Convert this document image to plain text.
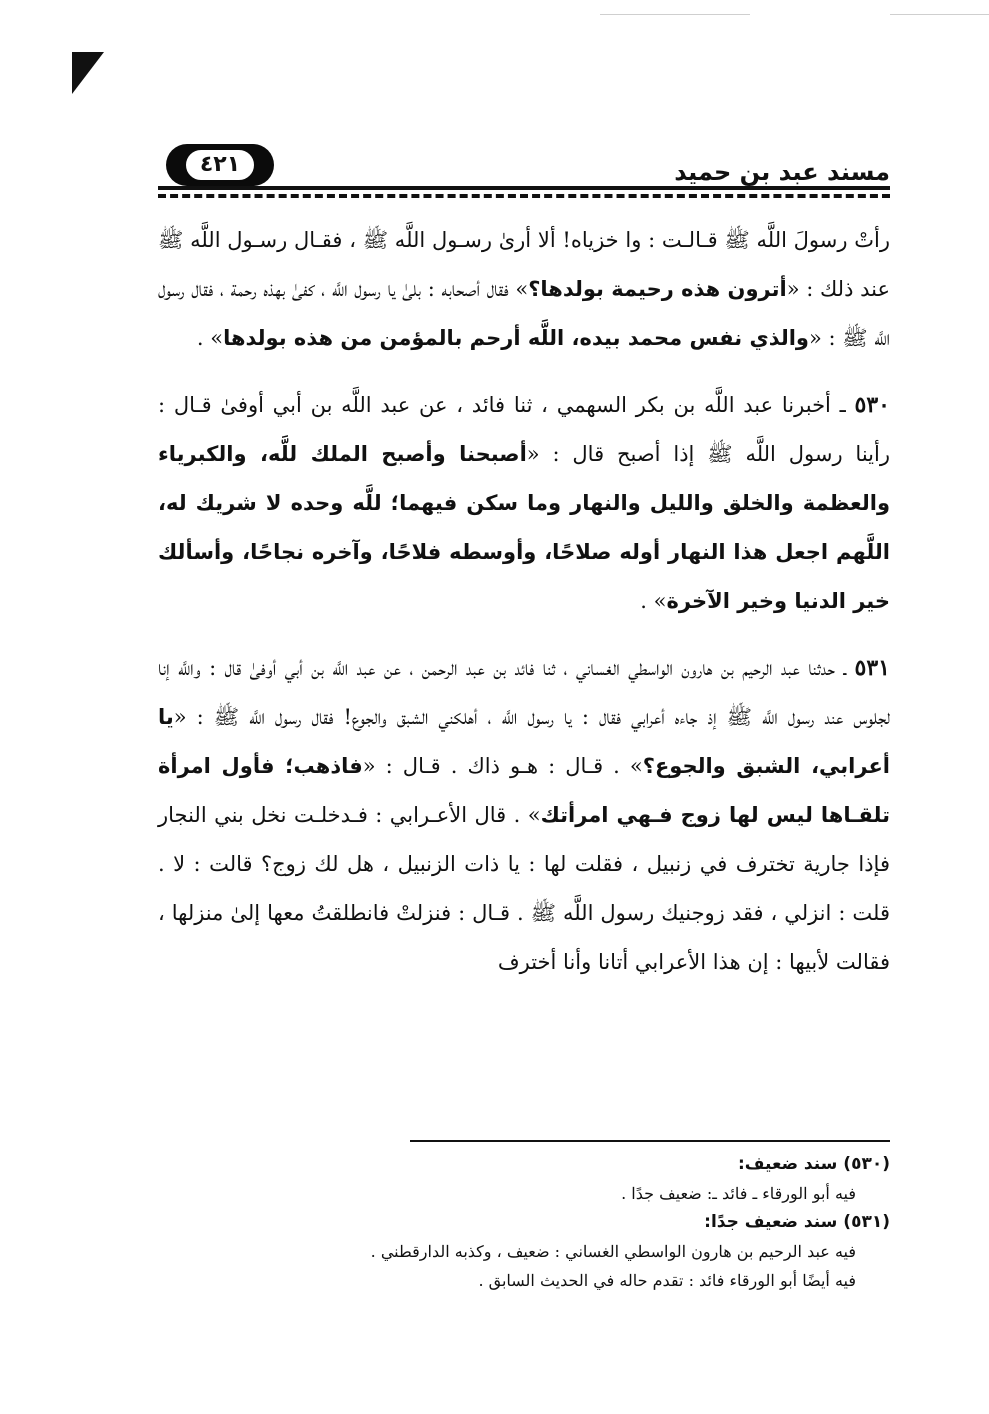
مسند عبد بن حميد
٤٢١

رأتْ رسولَ اللَّه ﷺ قـالـت : وا خزياه! ألا أرىٰ رسـول اللَّه ﷺ ، فقـال رسـول اللَّه ﷺ عند ذلك : «أترون هذه رحيمة بولدها؟» فقال أصحابه : بلىٰ يا رسول اللَّه ، كفىٰ بهذه رحمة ، فقال رسول اللَّه ﷺ : «والذي نفس محمد بيده، اللَّه أرحم بالمؤمن من هذه بولدها» .

٥٣٠ ـ أخبرنا عبد اللَّه بن بكر السهمي ، ثنا فائد ، عن عبد اللَّه بن أبي أوفىٰ قـال : رأينا رسول اللَّه ﷺ إذا أصبح قال : «أصبحنا وأصبح الملك للَّه، والكبرياء والعظمة والخلق والليل والنهار وما سكن فيهما؛ للَّه وحده لا شريك له، اللَّهم اجعل هذا النهار أوله صلاحًا، وأوسطه فلاحًا، وآخره نجاحًا، وأسألك خير الدنيا وخير الآخرة» .

٥٣١ ـ حدثنا عبد الرحيم بن هارون الواسطي الغساني ، ثنا فائد بن عبد الرحمن ، عن عبد اللَّه بن أبي أوفىٰ قال : واللَّه إنا لجلوس عند رسول اللَّه ﷺ إذ جاءه أعرابي فقال : يا رسول اللَّه ، أهلكني الشبق والجوع! فقال رسول اللَّه ﷺ : «يا أعرابي، الشبق والجوع؟» . قـال : هـو ذاك . قـال : «فاذهب؛ فأول امرأة تلقـاها ليس لها زوج فـهي امرأتك» . قال الأعـرابي : فـدخلـت نخل بني النجار فإذا جارية تخترف في زنبيل ، فقلت لها : يا ذات الزنبيل ، هل لك زوج؟ قالت : لا . قلت : انزلي ، فقد زوجنيك رسول اللَّه ﷺ . قـال : فنزلتْ فانطلقتُ معها إلىٰ منزلها ، فقالت لأبيها : إن هذا الأعرابي أتانا وأنا أخترف

(٥٣٠) سند ضعيف:
فيه أبو الورقاء ـ فائد ـ: ضعيف جدًا .
(٥٣١) سند ضعيف جدًا:
فيه عبد الرحيم بن هارون الواسطي الغساني : ضعيف ، وكذبه الدارقطني .
فيه أيضًا أبو الورقاء فائد : تقدم حاله في الحديث السابق .
